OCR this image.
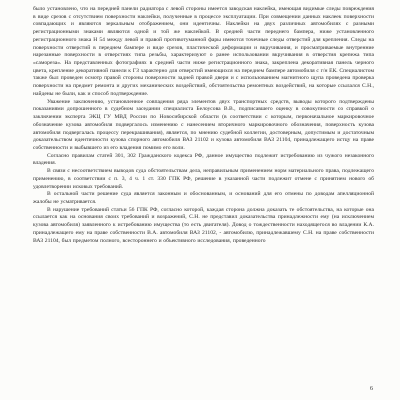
было установлено, что на передней панели радиатора с левой стороны имеется заводская наклейка, имеющая видимые следы повреждения в виде срезов с отсутствием поверхности наклейки, полученные в процессе эксплуатации. При совмещении данных наклеек поверхности совпадающих и являются зеркальным отображением, они идентичны. Наклейки на двух различных автомобилях с разными регистрационными знаками являются одной и той же наклейкой. В средней части переднего бампера, ниже установленного регистрационного знака Н 54 между левой и правой противотуманной фары имеются точечные следы отверстий для крепления. Следы на поверхности отверстий в переднем бампере и виде срезов, пластической деформации и вкручивания, и просматриваемые внутренние нарезанные поверхности в отверстиях типа резьбы, характеризуют о ранее использовании вкручивания в отверстия крепежа типа «самореза». На представленных фотографиях в средней части ниже регистрационного знака, закреплена декоративная панель черного цвета, крепление декоративной панели к ГЗ характерно для отверстий имеющихся на переднем бампере автомобиля с г/н ЕК. Специалистом также был проведен осмотр правой стороны поверхности задней правой двери и с использованием магнитного щупа проведена проверка поверхности на предмет ремонта и других механических воздействий, обстоятельства ремонтных воздействий, на которые ссылался С.Н., найдены не были, как и способ подтверждение.

Уважение заключению, установленное совпадения ряда элементов двух транспортных средств, выводы которого подтверждены показаниями допрошенного в судебном заседании специалиста Белоусова В.В., подписавшего оценку в совокупности со справкой о заключении эксперта ЭКЦ ГУ МВД России по Новосибирской области (в соответствии с которым, первоначальное маркировочное обозначение кузова автомобиля подвергалось изменению с нанесением вторичного маркировочного обозначения, поверхность кузова автомобиля подвергалась процессу перекрашивания), является, по мнению судебной коллегии, достоверным, допустимым и достаточным доказательством идентичности кузова спорного автомобиля ВАЗ 21102 и кузова автомобиля ВАЗ 21104, принадлежащего истцу на праве собственности и выбывшего из его владения помимо его воли.

Согласно правилам статей 301, 302 Гражданского кодекса РФ, данное имущество подлежит истребованию из чужого незаконного владения.

В связи с несоответствием выводов суда обстоятельствам дела, неправильным применением норм материального права, подлежащего применению, в соответствии с п. 3, 4 ч. 1 ст. 330 ГПК РФ, решение в указанной части подлежит отмене с принятием нового об удовлетворении исковых требований.

В остальной части решение суда является законным и обоснованным, и оснований для его отмены по доводам апелляционной жалобы не усматривается.

В нарушение требований статьи 56 ГПК РФ, согласно которой, каждая сторона должна доказать те обстоятельства, на которые она ссылается как на основания своих требований и возражений, С.Н. не представил доказательства принадлежности ему (на исключением кузова автомобиля) заявленного к истребованию имущества (то есть двигателя). Довод о тождественности находящегося во владении К.А. принадлежащего ему на праве собственности В.А. автомобиля ВАЗ 21102, - автомобилю, принадлежавшему С.Н. на праве собственности ВАЗ 21104, был предметом полного, всестороннего и объективного исследования, проведенного

6
